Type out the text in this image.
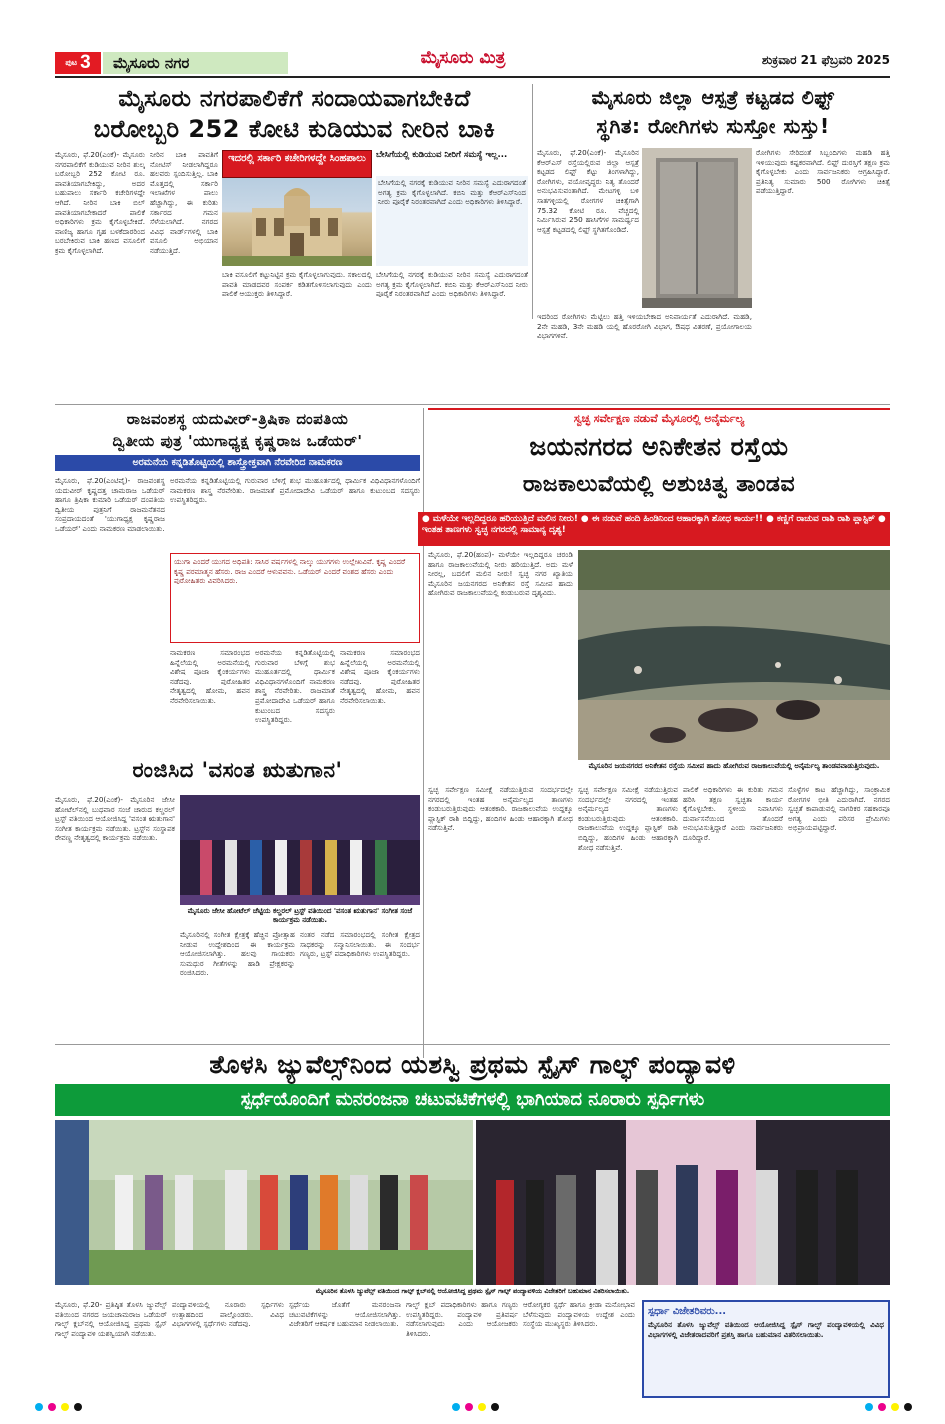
ಪುಟ 3	ಮೈಸೂರು ನಗರ	ಮೈಸೂರು ಮಿತ್ರ	ಶುಕ್ರವಾರ 21 ಫೆಬ್ರವರಿ 2025
ಮೈಸೂರು ನಗರಪಾಲಿಕೆಗೆ ಸಂದಾಯವಾಗಬೇಕಿದೆ
ಬರೋಬ್ಬರಿ 252 ಕೋಟಿ ಕುಡಿಯುವ ನೀರಿನ ಬಾಕಿ
ಮೈಸೂರು, ಫೆ.20(ಎಂಕೆ)- ಮೈಸೂರು ನಗರಪಾಲಿಕೆಗೆ ಕುಡಿಯುವ ನೀರಿನ ಶುಲ್ಕ ಬರೋಬ್ಬರಿ 252 ಕೋಟಿ ರೂ. ಪಾವತಿಯಾಗಬೇಕಿದ್ದು, ಅದರ ಬಹುಪಾಲು ಸರ್ಕಾರಿ ಕಚೇರಿಗಳದ್ದೇ ಆಗಿದೆ. ನೀರಿನ ಬಾಕಿ ಬಿಲ್ ಪಾವತಿಯಾಗಬೇಕಾದರೆ ಪಾಲಿಕೆ ಅಧಿಕಾರಿಗಳು ಕ್ರಮ ಕೈಗೊಳ್ಳಬೇಕಿದೆ. ವಾಣಿಜ್ಯ ಹಾಗೂ ಗೃಹ ಬಳಕೆದಾರರಿಂದ ಬರಬೇಕಿರುವ ಬಾಕಿ ಹಣದ ವಸೂಲಿಗೆ ಕ್ರಮ ಕೈಗೊಳ್ಳಲಾಗಿದೆ.
ಇದರಲ್ಲಿ ಸರ್ಕಾರಿ ಕಚೇರಿಗಳದ್ದೇ ಸಿಂಹಪಾಲು
ನೀರಿನ ಬಾಕಿ ಪಾವತಿಗೆ ನೋಟಿಸ್ ನೀಡಲಾಗಿದ್ದರೂ ಹಲವರು ಸ್ಪಂದಿಸುತ್ತಿಲ್ಲ. ಬಾಕಿ ಮೊತ್ತದಲ್ಲಿ ಸರ್ಕಾರಿ ಇಲಾಖೆಗಳ ಪಾಲು ಹೆಚ್ಚಾಗಿದ್ದು, ಈ ಕುರಿತು ಸರ್ಕಾರದ ಗಮನ ಸೆಳೆಯಲಾಗಿದೆ. ನಗರದ ವಿವಿಧ ವಾರ್ಡ್‌ಗಳಲ್ಲಿ ಬಾಕಿ ವಸೂಲಿ ಅಭಿಯಾನ ನಡೆಯುತ್ತಿದೆ.
ಬೇಸಿಗೆಯಲ್ಲಿ ಕುಡಿಯುವ ನೀರಿಗೆ ಸಮಸ್ಯೆ ಇಲ್ಲ...
ಬೇಸಿಗೆಯಲ್ಲಿ ನಗರಕ್ಕೆ ಕುಡಿಯುವ ನೀರಿನ ಸಮಸ್ಯೆ ಎದುರಾಗದಂತೆ ಅಗತ್ಯ ಕ್ರಮ ಕೈಗೊಳ್ಳಲಾಗಿದೆ. ಕಬಿನಿ ಮತ್ತು ಕೆಆರ್‌ಎಸ್‌ನಿಂದ ನೀರು ಪೂರೈಕೆ ನಿರಂತರವಾಗಿದೆ ಎಂದು ಅಧಿಕಾರಿಗಳು ತಿಳಿಸಿದ್ದಾರೆ.
ಬಾಕಿ ವಸೂಲಿಗೆ ಕಟ್ಟುನಿಟ್ಟಿನ ಕ್ರಮ ಕೈಗೊಳ್ಳಲಾಗುವುದು. ಸಕಾಲದಲ್ಲಿ ಪಾವತಿ ಮಾಡದವರ ಸಂಪರ್ಕ ಕಡಿತಗೊಳಿಸಲಾಗುವುದು ಎಂದು ಪಾಲಿಕೆ ಆಯುಕ್ತರು ತಿಳಿಸಿದ್ದಾರೆ.
ಬೇಸಿಗೆಯಲ್ಲಿ ನಗರಕ್ಕೆ ಕುಡಿಯುವ ನೀರಿನ ಸಮಸ್ಯೆ ಎದುರಾಗದಂತೆ ಅಗತ್ಯ ಕ್ರಮ ಕೈಗೊಳ್ಳಲಾಗಿದೆ. ಕಬಿನಿ ಮತ್ತು ಕೆಆರ್‌ಎಸ್‌ನಿಂದ ನೀರು ಪೂರೈಕೆ ನಿರಂತರವಾಗಿದೆ ಎಂದು ಅಧಿಕಾರಿಗಳು ತಿಳಿಸಿದ್ದಾರೆ.
ಮೈಸೂರು ಜಿಲ್ಲಾ ಆಸ್ಪತ್ರೆ ಕಟ್ಟಡದ ಲಿಫ್ಟ್
ಸ್ಥಗಿತ: ರೋಗಿಗಳು ಸುಸ್ತೋ ಸುಸ್ತು!
ಮೈಸೂರು, ಫೆ.20(ಎಂಕೆ)- ಮೈಸೂರಿನ ಕೆಆರ್‌ಎಸ್ ರಸ್ತೆಯಲ್ಲಿರುವ ಜಿಲ್ಲಾ ಆಸ್ಪತ್ರೆ ಕಟ್ಟಡದ ಲಿಫ್ಟ್ ಕೆಟ್ಟು ತಿಂಗಳಾಗಿದ್ದು, ರೋಗಿಗಳು, ವಯೋವೃದ್ಧರು ನಿತ್ಯ ತೊಂದರೆ ಅನುಭವಿಸುವಂತಾಗಿದೆ. ಮೇಟಗಳ್ಳಿ ಬಳಿ ಸಾತಗಳ್ಳಿಯಲ್ಲಿ ರೋಗಗಳ ಚಿಕಿತ್ಸೆಗಾಗಿ 75.32 ಕೋಟಿ ರೂ. ವೆಚ್ಚದಲ್ಲಿ ನಿರ್ಮಿಸಿರುವ 250 ಹಾಸಿಗೆಗಳ ಸಾಮರ್ಥ್ಯದ ಆಸ್ಪತ್ರೆ ಕಟ್ಟಡದಲ್ಲಿ ಲಿಫ್ಟ್ ಸ್ಥಗಿತಗೊಂಡಿದೆ.
ರೋಗಿಗಳು ಸೇರಿದಂತೆ ಸಿಬ್ಬಂದಿಗಳು ಮಹಡಿ ಹತ್ತಿ ಇಳಿಯುವುದು ಕಷ್ಟಕರವಾಗಿದೆ. ಲಿಫ್ಟ್ ದುರಸ್ತಿಗೆ ತಕ್ಷಣ ಕ್ರಮ ಕೈಗೊಳ್ಳಬೇಕು ಎಂದು ಸಾರ್ವಜನಿಕರು ಆಗ್ರಹಿಸಿದ್ದಾರೆ. ಪ್ರತಿನಿತ್ಯ ಸುಮಾರು 500 ರೋಗಿಗಳು ಚಿಕಿತ್ಸೆ ಪಡೆಯುತ್ತಿದ್ದಾರೆ.
ಇದರಿಂದ ರೋಗಿಗಳು ಮೆಟ್ಟಿಲು ಹತ್ತಿ ಇಳಿಯಬೇಕಾದ ಅನಿವಾರ್ಯತೆ ಎದುರಾಗಿದೆ. ಮಹಡಿ, 2ನೇ ಮಹಡಿ, 3ನೇ ಮಹಡಿ ಯಲ್ಲಿ ಹೊರರೋಗಿ ವಿಭಾಗ, ಔಷಧ ವಿತರಣೆ, ಪ್ರಯೋಗಾಲಯ ವಿಭಾಗಗಳಿವೆ.
ರಾಜವಂಶಸ್ಥ ಯದುವೀರ್-ತ್ರಿಷಿಕಾ ದಂಪತಿಯ
ದ್ವಿತೀಯ ಪುತ್ರ 'ಯುಗಾಧ್ಯಕ್ಷ ಕೃಷ್ಣರಾಜ ಒಡೆಯರ್'
ಅರಮನೆಯ ಕನ್ನಡಿತೊಟ್ಟಿಯಲ್ಲಿ ಶಾಸ್ತ್ರೋಕ್ತವಾಗಿ ನೆರವೇರಿದ ನಾಮಕರಣ
ಮೈಸೂರು, ಫೆ.20(ಎಂಟಿವೈ)- ರಾಜವಂಶಸ್ಥ ಯದುವೀರ್ ಕೃಷ್ಣದತ್ತ ಚಾಮರಾಜ ಒಡೆಯರ್ ಹಾಗೂ ತ್ರಿಷಿಕಾ ಕುಮಾರಿ ಒಡೆಯರ್ ದಂಪತಿಯ ದ್ವಿತೀಯ ಪುತ್ರನಿಗೆ ರಾಜಮನೆತನದ ಸಂಪ್ರದಾಯದಂತೆ 'ಯುಗಾಧ್ಯಕ್ಷ ಕೃಷ್ಣರಾಜ ಒಡೆಯರ್' ಎಂದು ನಾಮಕರಣ ಮಾಡಲಾಯಿತು.
ಅರಮನೆಯ ಕನ್ನಡಿತೊಟ್ಟಿಯಲ್ಲಿ ಗುರುವಾರ ಬೆಳಿಗ್ಗೆ ಶುಭ ಮುಹೂರ್ತದಲ್ಲಿ ಧಾರ್ಮಿಕ ವಿಧಿವಿಧಾನಗಳೊಂದಿಗೆ ನಾಮಕರಣ ಶಾಸ್ತ್ರ ನೆರವೇರಿತು. ರಾಜಮಾತೆ ಪ್ರಮೋದಾದೇವಿ ಒಡೆಯರ್ ಹಾಗೂ ಕುಟುಂಬದ ಸದಸ್ಯರು ಉಪಸ್ಥಿತರಿದ್ದರು.
ಯುಗಾ ಎಂದರೆ ಯುಗದ ಅಧಿಪತಿ: ಸಾಸಿರ ವರ್ಷಗಳಲ್ಲಿ ನಾಲ್ಕು ಯುಗಗಳು ಉಲ್ಲೇಖವಿವೆ. ಕೃಷ್ಣ ಎಂದರೆ ಕೃಷ್ಣ ಪರಮಾತ್ಮನ ಹೆಸರು. ರಾಜ ಎಂದರೆ ಆಳುವವನು. ಒಡೆಯರ್ ಎಂದರೆ ವಂಶದ ಹೆಸರು ಎಂದು ಪುರೋಹಿತರು ವಿವರಿಸಿದರು.
ನಾಮಕರಣ ಸಮಾರಂಭದ ಹಿನ್ನೆಲೆಯಲ್ಲಿ ಅರಮನೆಯಲ್ಲಿ ವಿಶೇಷ ಪೂಜಾ ಕೈಂಕರ್ಯಗಳು ನಡೆದವು. ಪುರೋಹಿತರ ನೇತೃತ್ವದಲ್ಲಿ ಹೋಮ, ಹವನ ನೆರವೇರಿಸಲಾಯಿತು.
ಅರಮನೆಯ ಕನ್ನಡಿತೊಟ್ಟಿಯಲ್ಲಿ ಗುರುವಾರ ಬೆಳಿಗ್ಗೆ ಶುಭ ಮುಹೂರ್ತದಲ್ಲಿ ಧಾರ್ಮಿಕ ವಿಧಿವಿಧಾನಗಳೊಂದಿಗೆ ನಾಮಕರಣ ಶಾಸ್ತ್ರ ನೆರವೇರಿತು. ರಾಜಮಾತೆ ಪ್ರಮೋದಾದೇವಿ ಒಡೆಯರ್ ಹಾಗೂ ಕುಟುಂಬದ ಸದಸ್ಯರು ಉಪಸ್ಥಿತರಿದ್ದರು.
ನಾಮಕರಣ ಸಮಾರಂಭದ ಹಿನ್ನೆಲೆಯಲ್ಲಿ ಅರಮನೆಯಲ್ಲಿ ವಿಶೇಷ ಪೂಜಾ ಕೈಂಕರ್ಯಗಳು ನಡೆದವು. ಪುರೋಹಿತರ ನೇತೃತ್ವದಲ್ಲಿ ಹೋಮ, ಹವನ ನೆರವೇರಿಸಲಾಯಿತು.
ಸ್ವಚ್ಛ ಸರ್ವೇಕ್ಷಣ ನಡುವೆ ಮೈಸೂರಲ್ಲಿ ಅನೈರ್ಮಲ್ಯ
ಜಯನಗರದ ಅನಿಕೇತನ ರಸ್ತೆಯ
ರಾಜಕಾಲುವೆಯಲ್ಲಿ ಅಶುಚಿತ್ವ ತಾಂಡವ
● ಮಳೆಯೇ ಇಲ್ಲದಿದ್ದರೂ ಹರಿಯುತ್ತಿದೆ ಮಲಿನ ನೀರು! ● ಈ ನಡುವೆ ಹಂದಿ ಹಿಂಡಿನಿಂದ ಆಹಾರಕ್ಕಾಗಿ ಶೋಧ ಕಾರ್ಯ!! ● ಕಣ್ಣಿಗೆ ರಾಚುವ ರಾಶಿ ರಾಶಿ ಪ್ಲಾಸ್ಟಿಕ್ ● ಇಂತಹ ತಾಣಗಳು ಸ್ವಚ್ಛ ನಗರದಲ್ಲಿ ಸಾಮಾನ್ಯ ದೃಶ್ಯ!
ಮೈಸೂರು, ಫೆ.20(ಹಂಪ)- ಮಳೆಯೇ ಇಲ್ಲದಿದ್ದರೂ ಚರಂಡಿ ಹಾಗೂ ರಾಜಕಾಲುವೆಯಲ್ಲಿ ನೀರು ಹರಿಯುತ್ತಿದೆ. ಅದು ಮಳೆ ನೀರಲ್ಲ, ಬದಲಿಗೆ ಮಲಿನ ನೀರು! ಸ್ವಚ್ಛ ನಗರ ಖ್ಯಾತಿಯ ಮೈಸೂರಿನ ಜಯನಗರದ ಅನಿಕೇತನ ರಸ್ತೆ ಸಮೀಪ ಹಾದು ಹೋಗಿರುವ ರಾಜಕಾಲುವೆಯಲ್ಲಿ ಕಂಡುಬರುವ ದೃಶ್ಯವಿದು.
ಮೈಸೂರಿನ ಜಯನಗರದ ಅನಿಕೇತನ ರಸ್ತೆಯ ಸಮೀಪ ಹಾದು ಹೋಗಿರುವ ರಾಜಕಾಲುವೆಯಲ್ಲಿ ಅನೈರ್ಮಲ್ಯ ತಾಂಡವವಾಡುತ್ತಿರುವುದು.
ಸ್ವಚ್ಛ ಸರ್ವೇಕ್ಷಣ ಸಮೀಕ್ಷೆ ನಡೆಯುತ್ತಿರುವ ಸಂದರ್ಭದಲ್ಲೇ ನಗರದಲ್ಲಿ ಇಂತಹ ಅನೈರ್ಮಲ್ಯದ ತಾಣಗಳು ಕಂಡುಬರುತ್ತಿರುವುದು ಆತಂಕಕಾರಿ. ರಾಜಕಾಲುವೆಯ ಉದ್ದಕ್ಕೂ ಪ್ಲಾಸ್ಟಿಕ್ ರಾಶಿ ಬಿದ್ದಿದ್ದು, ಹಂದಿಗಳ ಹಿಂಡು ಆಹಾರಕ್ಕಾಗಿ ಶೋಧ ನಡೆಸುತ್ತಿವೆ.
ಪಾಲಿಕೆ ಅಧಿಕಾರಿಗಳು ಈ ಕುರಿತು ಗಮನ ಹರಿಸಿ ತಕ್ಷಣ ಸ್ವಚ್ಛತಾ ಕಾರ್ಯ ಕೈಗೊಳ್ಳಬೇಕು. ಸ್ಥಳೀಯ ನಿವಾಸಿಗಳು ದುರ್ವಾಸನೆಯಿಂದ ತೊಂದರೆ ಅನುಭವಿಸುತ್ತಿದ್ದಾರೆ ಎಂದು ಸಾರ್ವಜನಿಕರು ದೂರಿದ್ದಾರೆ.
ಸೊಳ್ಳೆಗಳ ಕಾಟ ಹೆಚ್ಚಾಗಿದ್ದು, ಸಾಂಕ್ರಾಮಿಕ ರೋಗಗಳ ಭೀತಿ ಎದುರಾಗಿದೆ. ನಗರದ ಸ್ವಚ್ಛತೆ ಕಾಪಾಡುವಲ್ಲಿ ನಾಗರಿಕರ ಸಹಕಾರವೂ ಅಗತ್ಯ ಎಂದು ಪರಿಸರ ಪ್ರೇಮಿಗಳು ಅಭಿಪ್ರಾಯಪಟ್ಟಿದ್ದಾರೆ.
ಸ್ವಚ್ಛ ಸರ್ವೇಕ್ಷಣ ಸಮೀಕ್ಷೆ ನಡೆಯುತ್ತಿರುವ ಸಂದರ್ಭದಲ್ಲೇ ನಗರದಲ್ಲಿ ಇಂತಹ ಅನೈರ್ಮಲ್ಯದ ತಾಣಗಳು ಕಂಡುಬರುತ್ತಿರುವುದು ಆತಂಕಕಾರಿ. ರಾಜಕಾಲುವೆಯ ಉದ್ದಕ್ಕೂ ಪ್ಲಾಸ್ಟಿಕ್ ರಾಶಿ ಬಿದ್ದಿದ್ದು, ಹಂದಿಗಳ ಹಿಂಡು ಆಹಾರಕ್ಕಾಗಿ ಶೋಧ ನಡೆಸುತ್ತಿವೆ.
ರಂಜಿಸಿದ 'ವಸಂತ ಋತುಗಾನ'
ಮೈಸೂರು, ಫೆ.20(ಎಂಕೆ)- ಮೈಸೂರಿನ ಜೇಸೀ ಹೋಟೆಲ್‌ನಲ್ಲಿ ಬುಧವಾರ ಸಂಜೆ ಚಾರುದ ಕಲ್ಚರಲ್ ಟ್ರಸ್ಟ್ ವತಿಯಿಂದ ಆಯೋಜಿಸಿದ್ದ 'ವಸಂತ ಋತುಗಾನ' ಸಂಗೀತ ಕಾರ್ಯಕ್ರಮ ನಡೆಯಿತು. ಟ್ರಸ್ಟ್‌ನ ಸಂಸ್ಥಾಪಕ ರೇವಣ್ಣ ನೇತೃತ್ವದಲ್ಲಿ ಕಾರ್ಯಕ್ರಮ ನಡೆಯಿತು.
ಮೈಸೂರು ಜೇಸೀ ಹೋಟೆಲ್ ಚೆಟ್ಟಿಯ ಕಲ್ಚರಲ್ ಟ್ರಸ್ಟ್ ವತಿಯಿಂದ 'ವಸಂತ ಋತುಗಾನ' ಸಂಗೀತ ಸಂಜೆ ಕಾರ್ಯಕ್ರಮ ನಡೆಯಿತು.
ಮೈಸೂರಿನಲ್ಲಿ ಸಂಗೀತ ಕ್ಷೇತ್ರಕ್ಕೆ ಹೆಚ್ಚಿನ ಪ್ರೋತ್ಸಾಹ ನೀಡುವ ಉದ್ದೇಶದಿಂದ ಈ ಕಾರ್ಯಕ್ರಮ ಆಯೋಜಿಸಲಾಗಿತ್ತು. ಹಲವು ಗಾಯಕರು ಸುಮಧುರ ಗೀತೆಗಳನ್ನು ಹಾಡಿ ಪ್ರೇಕ್ಷಕರನ್ನು ರಂಜಿಸಿದರು.
ನಂತರ ನಡೆದ ಸಮಾರಂಭದಲ್ಲಿ ಸಂಗೀತ ಕ್ಷೇತ್ರದ ಸಾಧಕರನ್ನು ಸನ್ಮಾನಿಸಲಾಯಿತು. ಈ ಸಂದರ್ಭ ಗಣ್ಯರು, ಟ್ರಸ್ಟ್ ಪದಾಧಿಕಾರಿಗಳು ಉಪಸ್ಥಿತರಿದ್ದರು.
ತೊಳಸಿ ಜ್ಯುವೆಲ್ಸ್‌ನಿಂದ ಯಶಸ್ವಿ ಪ್ರಥಮ ಸ್ಪೈಸ್ ಗಾಲ್ಫ್ ಪಂದ್ಯಾವಳಿ
ಸ್ಪರ್ಧೆಯೊಂದಿಗೆ ಮನರಂಜನಾ ಚಟುವಟಿಕೆಗಳಲ್ಲಿ ಭಾಗಿಯಾದ ನೂರಾರು ಸ್ಪರ್ಧಿಗಳು
ಮೈಸೂರಿನ ತೊಳಸಿ ಜ್ಯುವೆಲ್ಸ್ ವತಿಯಿಂದ ಗಾಲ್ಫ್ ಕ್ಲಬ್‌ನಲ್ಲಿ ಆಯೋಜಿಸಿದ್ದ ಪ್ರಥಮ ಸ್ಪೈಸ್ ಗಾಲ್ಫ್ ಪಂದ್ಯಾವಳಿಯ ವಿಜೇತರಿಗೆ ಬಹುಮಾನ ವಿತರಿಸಲಾಯಿತು.
ಮೈಸೂರು, ಫೆ.20- ಪ್ರತಿಷ್ಠಿತ ತೊಳಸಿ ಜ್ಯುವೆಲ್ಸ್ ವತಿಯಿಂದ ನಗರದ ಜಯಚಾಮರಾಜ ಒಡೆಯರ್ ಗಾಲ್ಫ್ ಕ್ಲಬ್‌ನಲ್ಲಿ ಆಯೋಜಿಸಿದ್ದ ಪ್ರಥಮ ಸ್ಪೈಸ್ ಗಾಲ್ಫ್ ಪಂದ್ಯಾವಳಿ ಯಶಸ್ವಿಯಾಗಿ ನಡೆಯಿತು.
ಪಂದ್ಯಾವಳಿಯಲ್ಲಿ ನೂರಾರು ಸ್ಪರ್ಧಿಗಳು ಉತ್ಸಾಹದಿಂದ ಪಾಲ್ಗೊಂಡರು. ವಿವಿಧ ವಿಭಾಗಗಳಲ್ಲಿ ಸ್ಪರ್ಧೆಗಳು ನಡೆದವು.
ಸ್ಪರ್ಧೆಯ ಜೊತೆಗೆ ಮನರಂಜನಾ ಚಟುವಟಿಕೆಗಳನ್ನು ಆಯೋಜಿಸಲಾಗಿತ್ತು. ವಿಜೇತರಿಗೆ ಆಕರ್ಷಕ ಬಹುಮಾನ ನೀಡಲಾಯಿತು.
ಗಾಲ್ಫ್ ಕ್ಲಬ್ ಪದಾಧಿಕಾರಿಗಳು ಹಾಗೂ ಗಣ್ಯರು ಉಪಸ್ಥಿತರಿದ್ದರು. ಪಂದ್ಯಾವಳಿ ಪ್ರತಿವರ್ಷ ನಡೆಸಲಾಗುವುದು ಎಂದು ಆಯೋಜಕರು ತಿಳಿಸಿದರು.
ಆರೋಗ್ಯಕರ ಸ್ಪರ್ಧೆ ಹಾಗೂ ಕ್ರೀಡಾ ಮನೋಭಾವ ಬೆಳೆಸುವುದು ಪಂದ್ಯಾವಳಿಯ ಉದ್ದೇಶ ಎಂದು ಸಂಸ್ಥೆಯ ಮುಖ್ಯಸ್ಥರು ತಿಳಿಸಿದರು.
ಸ್ಪರ್ಧಾ ವಿಜೇತರಿವರು...
ಮೈಸೂರಿನ ತೊಳಸಿ ಜ್ಯುವೆಲ್ಸ್ ವತಿಯಿಂದ ಆಯೋಜಿಸಿದ್ದ ಸ್ಪೈಸ್ ಗಾಲ್ಫ್ ಪಂದ್ಯಾವಳಿಯಲ್ಲಿ ವಿವಿಧ ವಿಭಾಗಗಳಲ್ಲಿ ವಿಜೇತರಾದವರಿಗೆ ಪ್ರಶಸ್ತಿ ಹಾಗೂ ಬಹುಮಾನ ವಿತರಿಸಲಾಯಿತು.
